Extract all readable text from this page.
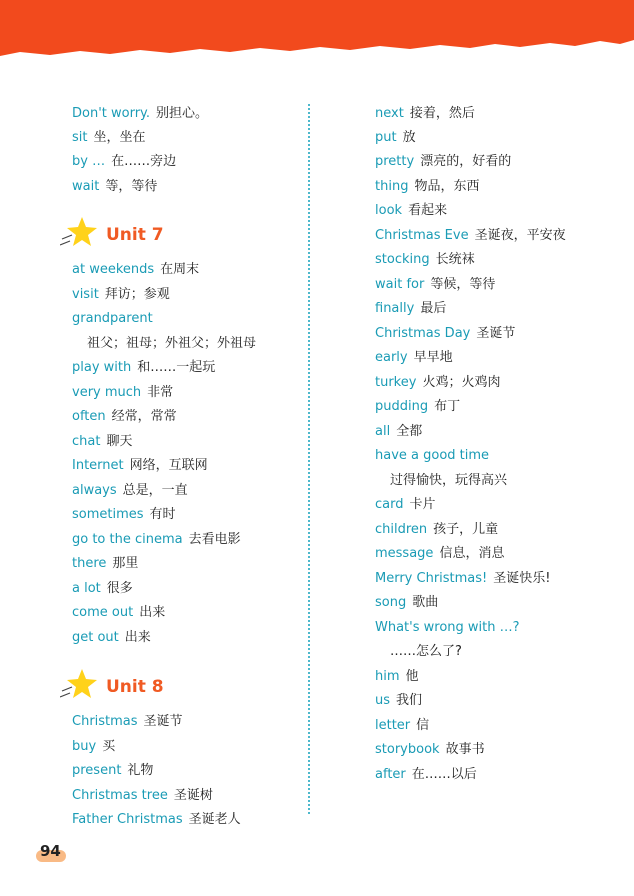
Don't worry. 别担心。
sit 坐，坐在
by … 在……旁边
wait 等，等待
Unit 7
at weekends 在周末
visit 拜访；参观
grandparent
祖父；祖母；外祖父；外祖母
play with 和……一起玩
very much 非常
often 经常，常常
chat 聊天
Internet 网络，互联网
always 总是，一直
sometimes 有时
go to the cinema 去看电影
there 那里
a lot 很多
come out 出来
get out 出来
Unit 8
Christmas 圣诞节
buy 买
present 礼物
Christmas tree 圣诞树
Father Christmas 圣诞老人
next 接着，然后
put 放
pretty 漂亮的，好看的
thing 物品，东西
look 看起来
Christmas Eve 圣诞夜，平安夜
stocking 长统袜
wait for 等候，等待
finally 最后
Christmas Day 圣诞节
early 早早地
turkey 火鸡；火鸡肉
pudding 布丁
all 全都
have a good time
过得愉快，玩得高兴
card 卡片
children 孩子，儿童
message 信息，消息
Merry Christmas! 圣诞快乐!
song 歌曲
What's wrong with …?
……怎么了?
him 他
us 我们
letter 信
storybook 故事书
after 在……以后
94
